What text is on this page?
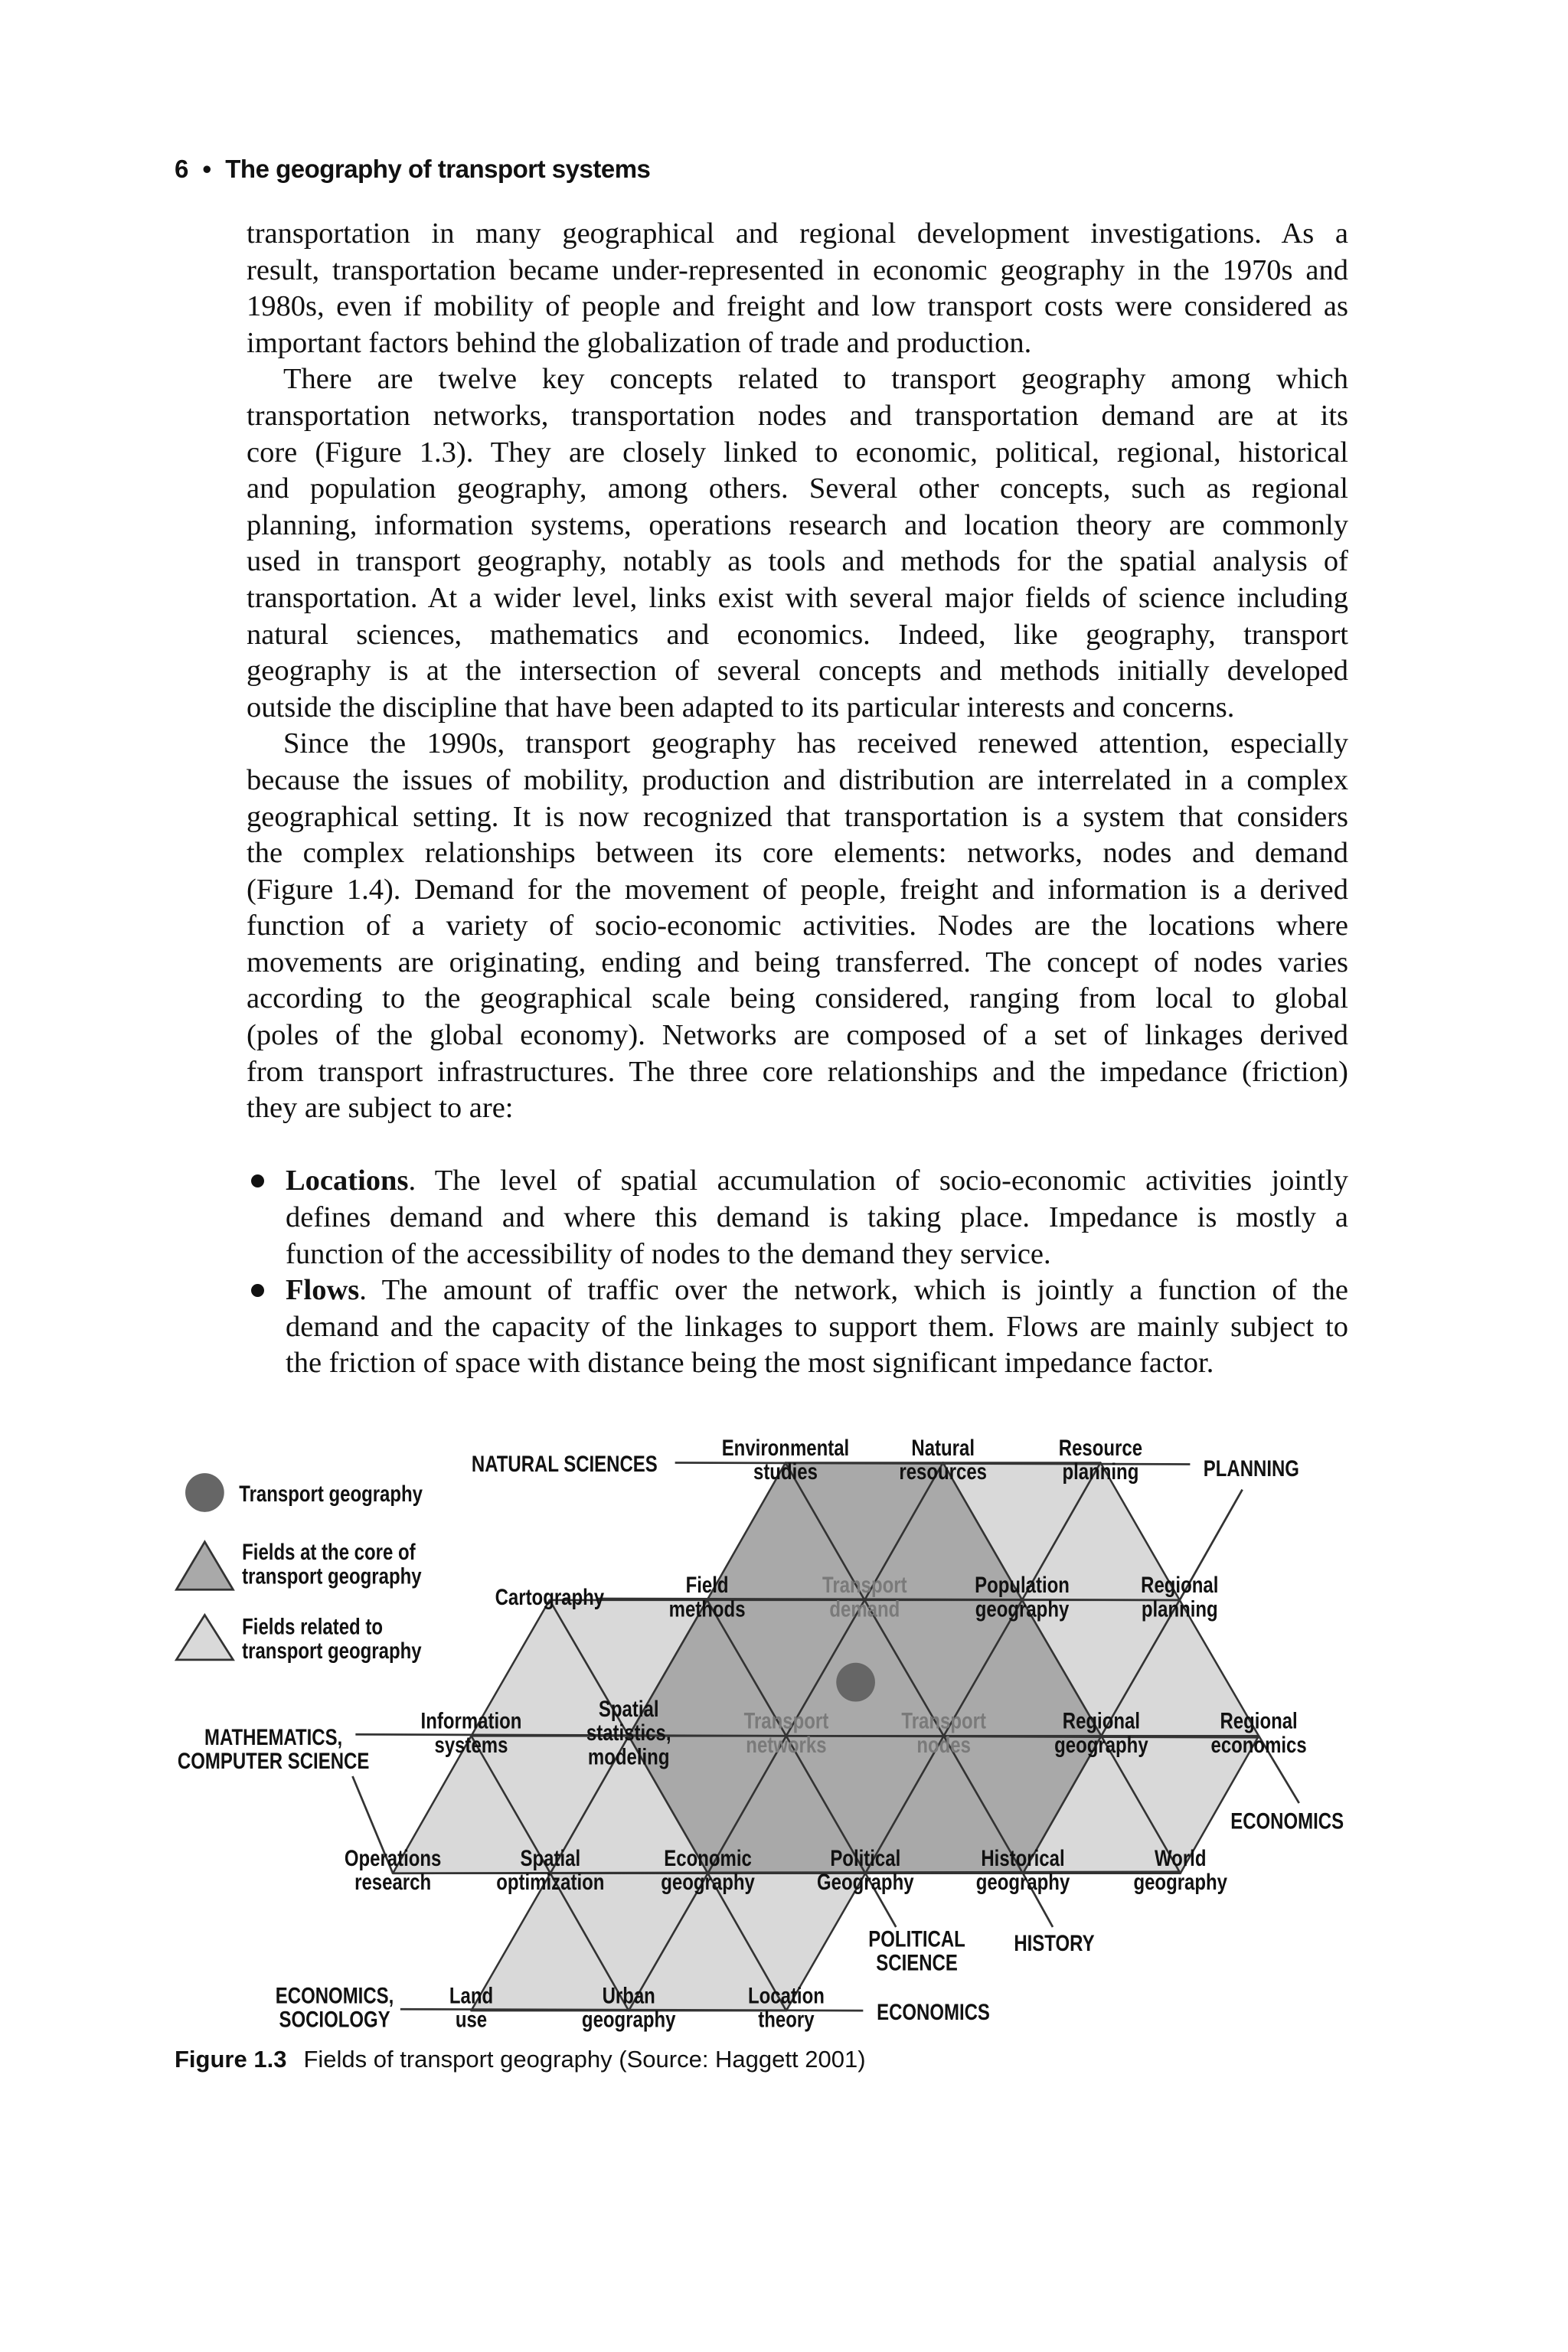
6 • The geography of transport systems
transportation in many geographical and regional development investigations. As a
result, transportation became under-represented in economic geography in the 1970s and
1980s, even if mobility of people and freight and low transport costs were considered as
important factors behind the globalization of trade and production.
There are twelve key concepts related to transport geography among which
transportation networks, transportation nodes and transportation demand are at its
core (Figure 1.3). They are closely linked to economic, political, regional, historical
and population geography, among others. Several other concepts, such as regional
planning, information systems, operations research and location theory are commonly
used in transport geography, notably as tools and methods for the spatial analysis of
transportation. At a wider level, links exist with several major fields of science including
natural sciences, mathematics and economics. Indeed, like geography, transport
geography is at the intersection of several concepts and methods initially developed
outside the discipline that have been adapted to its particular interests and concerns.
Since the 1990s, transport geography has received renewed attention, especially
because the issues of mobility, production and distribution are interrelated in a complex
geographical setting. It is now recognized that transportation is a system that considers
the complex relationships between its core elements: networks, nodes and demand
(Figure 1.4). Demand for the movement of people, freight and information is a derived
function of a variety of socio-economic activities. Nodes are the locations where
movements are originating, ending and being transferred. The concept of nodes varies
according to the geographical scale being considered, ranging from local to global
(poles of the global economy). Networks are composed of a set of linkages derived
from transport infrastructures. The three core relationships and the impedance (friction)
they are subject to are:
Locations. The level of spatial accumulation of socio-economic activities jointly
defines demand and where this demand is taking place. Impedance is mostly a
function of the accessibility of nodes to the demand they service.
Flows. The amount of traffic over the network, which is jointly a function of the
demand and the capacity of the linkages to support them. Flows are mainly subject to
the friction of space with distance being the most significant impedance factor.
Transport geography
Fields at the core of
transport geography
Fields related to
transport geography
Environmental
studies
Natural
resources
Resource
planning
Cartography	Field
methods
Transport
demand
Population
geography
Regional
planning
Information
systems
Spatial
statistics,
modeling
Transport
networks
Transport
nodes
Regional
geography
Regional
economics
Operations
research
Spatial
optimization
Economic
geography
Political
Geography
Historical
geography
World
geography
Land
use
Urban
geography
Location
theory
NATURAL SCIENCES	PLANNING
MATHEMATICS,
COMPUTER SCIENCE
ECONOMICS
POLITICAL
SCIENCE
HISTORY
ECONOMICS,
SOCIOLOGY	ECONOMICS
Figure 1.3 Fields of transport geography (Source: Haggett 2001)
